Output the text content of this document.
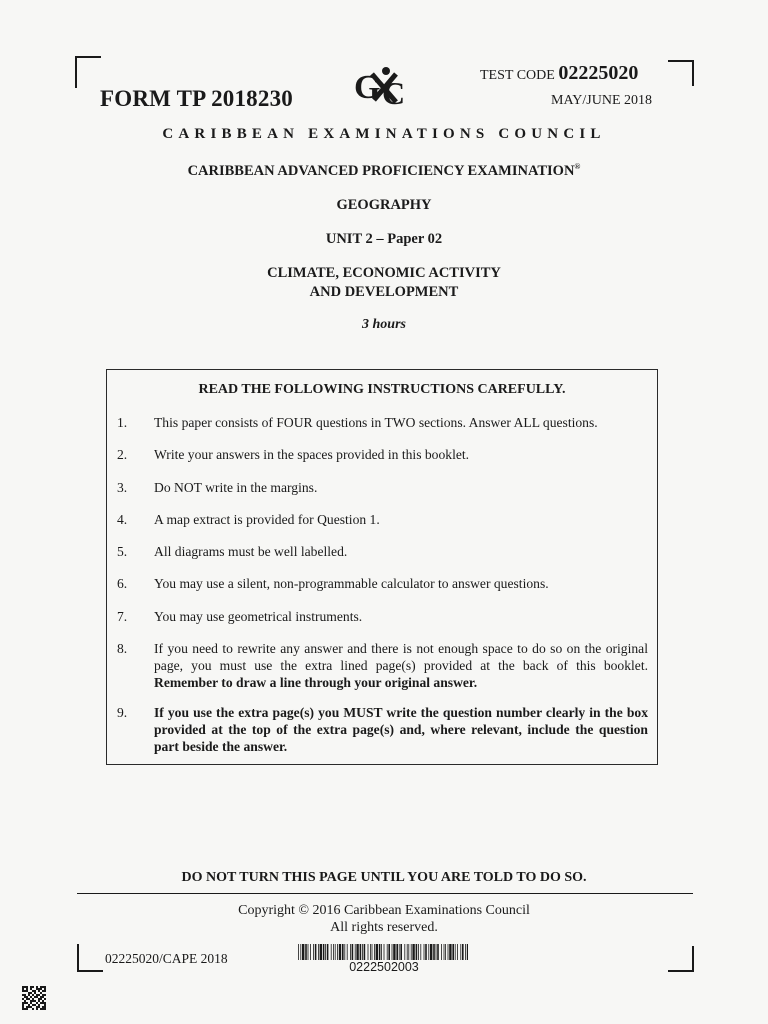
FORM TP 2018230 G C	TEST CODE 02225020
MAY/JUNE 2018
CARIBBEAN EXAMINATIONS COUNCIL
CARIBBEAN ADVANCED PROFICIENCY EXAMINATION®
GEOGRAPHY
UNIT 2 – Paper 02
CLIMATE, ECONOMIC ACTIVITY
AND DEVELOPMENT
3 hours
READ THE FOLLOWING INSTRUCTIONS CAREFULLY.
1.	This paper consists of FOUR questions in TWO sections. Answer ALL questions.
2.	Write your answers in the spaces provided in this booklet.
3.	Do NOT write in the margins.
4.	A map extract is provided for Question 1.
5.	All diagrams must be well labelled.
6.	You may use a silent, non-programmable calculator to answer questions.
7.	You may use geometrical instruments.
8.	If you need to rewrite any answer and there is not enough space to do so on the original page, you must use the extra lined page(s) provided at the back of this booklet. Remember to draw a line through your original answer.
9.	If you use the extra page(s) you MUST write the question number clearly in the box provided at the top of the extra page(s) and, where relevant, include the question part beside the answer.
DO NOT TURN THIS PAGE UNTIL YOU ARE TOLD TO DO SO.
Copyright © 2016 Caribbean Examinations Council
All rights reserved.
02225020/CAPE 2018
0222502003
